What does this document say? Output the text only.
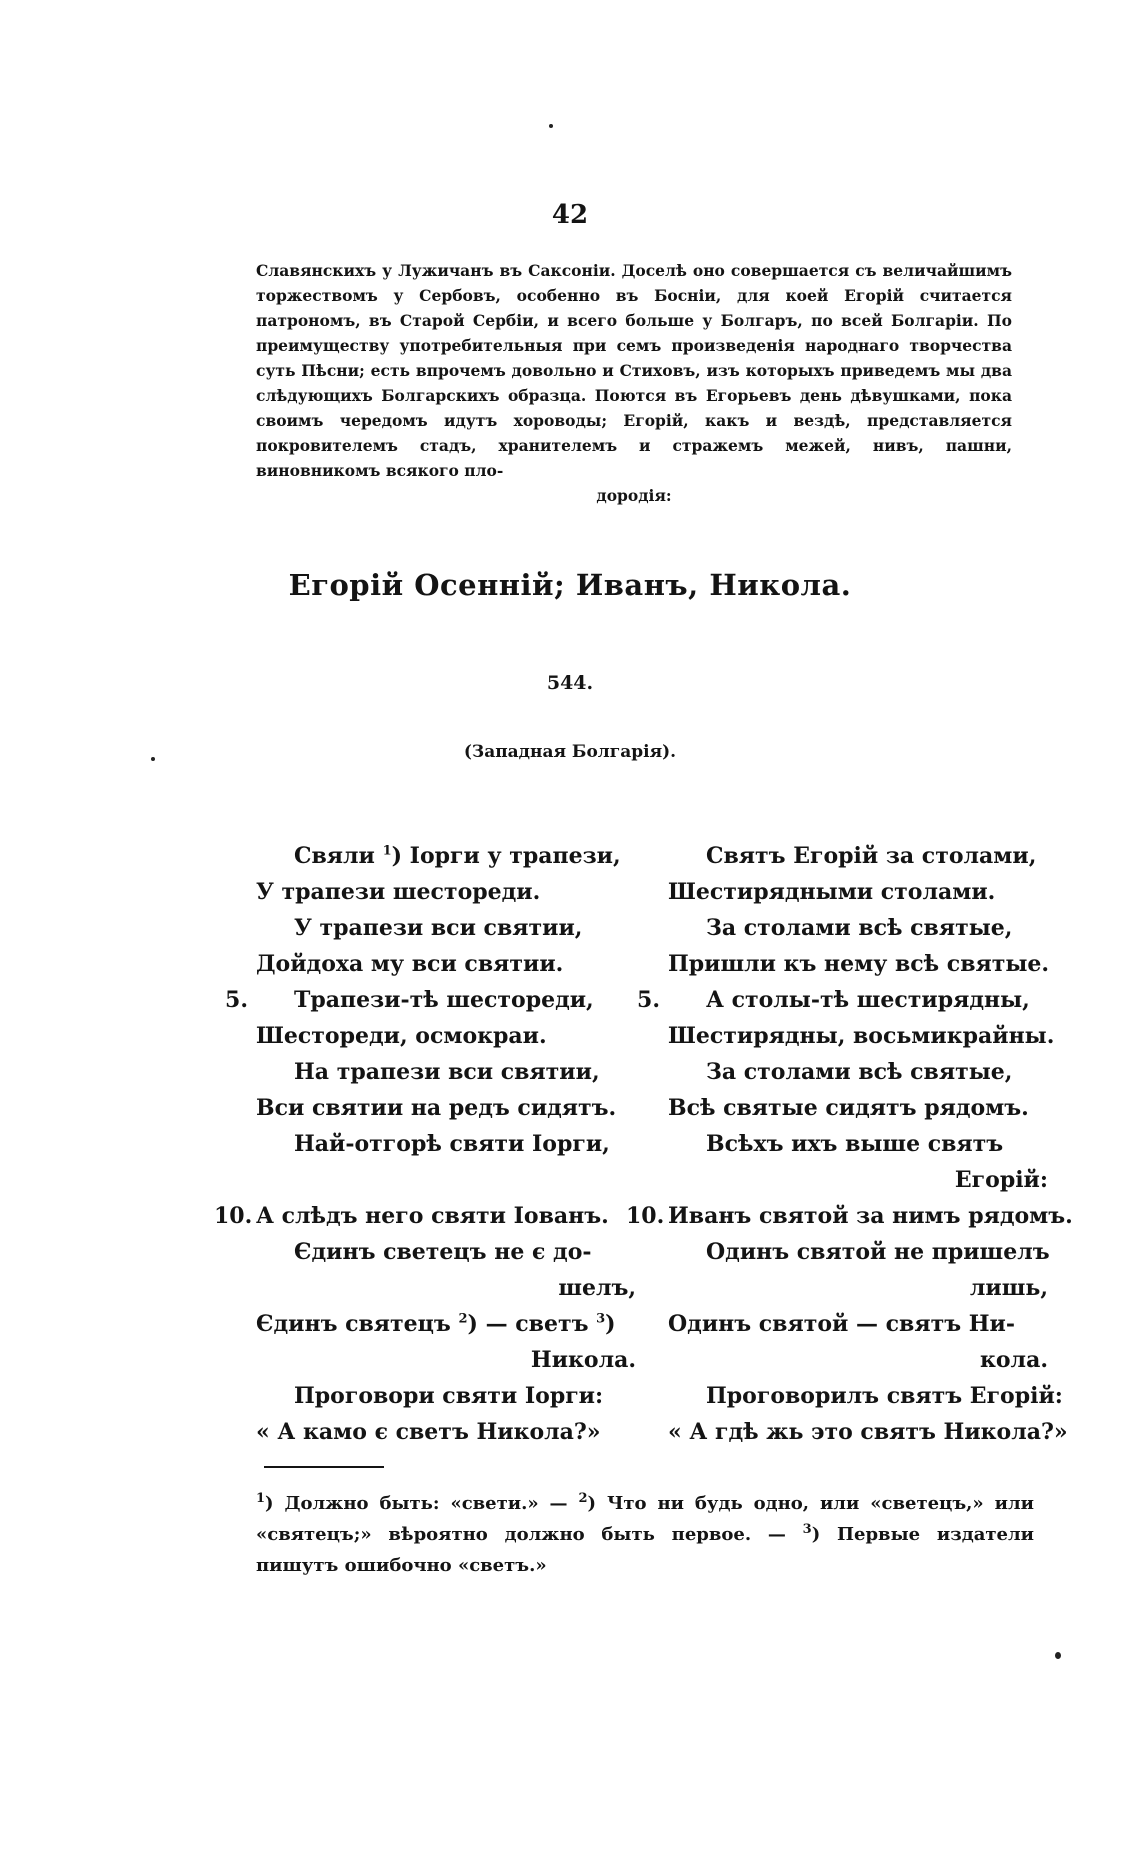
42

Славянскихъ у Лужичанъ въ Саксоніи. Доселѣ оно совершается съ величайшимъ торжествомъ у Сербовъ, особенно въ Босніи, для коей Егорій считается патрономъ, въ Старой Сербіи, и всего больше у Болгаръ, по всей Болгаріи. По преимуществу употребительныя при семъ произведенія народнаго творчества суть Пѣсни; есть впрочемъ довольно и Стиховъ, изъ которыхъ приведемъ мы два слѣдующихъ Болгарскихъ образца. Поются въ Егорьевъ день дѣвушками, пока своимъ чередомъ идутъ хороводы; Егорій, какъ и вездѣ, представляется покровителемъ стадъ, хранителемъ и стражемъ межей, нивъ, пашни, виновникомъ всякого пло-
дородія:

Егорій Осенній; Иванъ, Никола.
544.
(Западная Болгарія).
Свяли $^1$) Іорги у трапези,
У трапези шестореди.
У трапези вси святии,
Дойдоха му вси святии.
5. Трапези-тѣ шестореди,
Шестореди, осмокраи.
На трапези вси святии,
Вси святии на редъ сидятъ.
Най-отгорѣ святи Іорги,
10. А слѣдъ него святи Іованъ.
Єдинъ светецъ не є до-
шелъ,
Єдинъ святецъ $^2$) — светъ $^3$)
Никола.
Проговори святи Іорги:
« А камо є светъ Никола?»
Святъ Егорій за столами,
Шестирядными столами.
За столами всѣ святые,
Пришли къ нему всѣ святые.
5. А столы-тѣ шестирядны,
Шестирядны, восьмикрайны.
За столами всѣ святые,
Всѣ святые сидятъ рядомъ.
Всѣхъ ихъ выше святъ
Егорій:
10. Иванъ святой за нимъ рядомъ.
Одинъ святой не пришелъ
лишь,
Одинъ святой — святъ Ни-
кола.
Проговорилъ святъ Егорій:
« А гдѣ жь это святъ Никола?»

$^1$) Должно быть: «свети.» — $^2$) Что ни будь одно, или «светецъ,» или «святецъ;» вѣроятно должно быть первое. — $^3$) Первые издатели пишутъ ошибочно «светъ.»
